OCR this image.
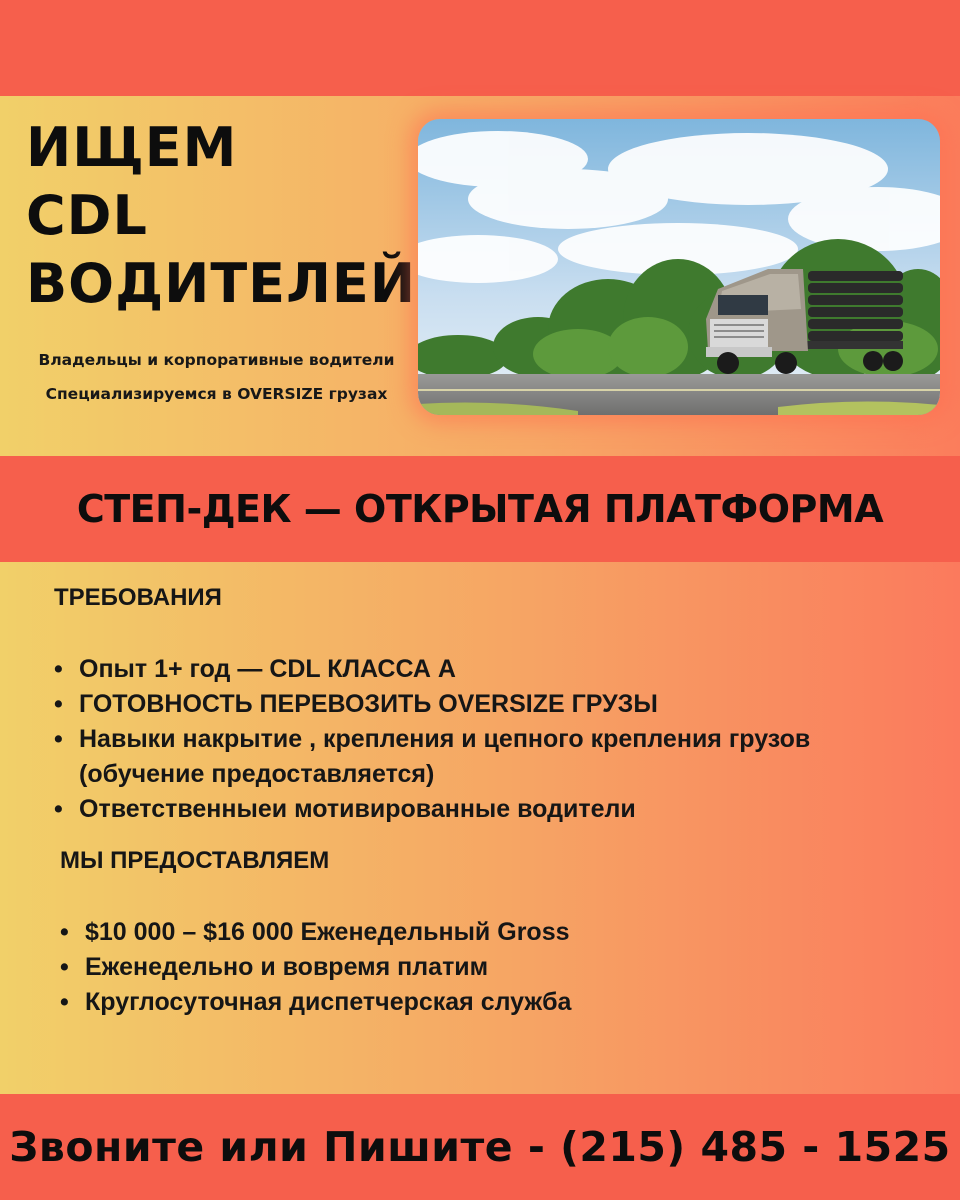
ИЩЕМ
CDL
ВОДИТЕЛЕЙ
Владельцы и корпоративные водители
Специализируемся в OVERSIZE грузах
СТЕП-ДЕК — ОТКРЫТАЯ ПЛАТФОРМА
ТРЕБОВАНИЯ
• Опыт 1+ год — CDL КЛАССА А
• ГОТОВНОСТЬ ПЕРЕВОЗИТЬ OVERSIZE ГРУЗЫ
• Навыки накрытие , крепления и цепного крепления грузов
(обучение предоставляется)
• Ответственныеи мотивированные водители
МЫ ПРЕДОСТАВЛЯЕМ
• $10 000 – $16 000 Еженедельный Gross
• Еженедельно и вовремя платим
• Круглосуточная диспетчерская служба
Звоните или Пишите - (215) 485 - 1525
